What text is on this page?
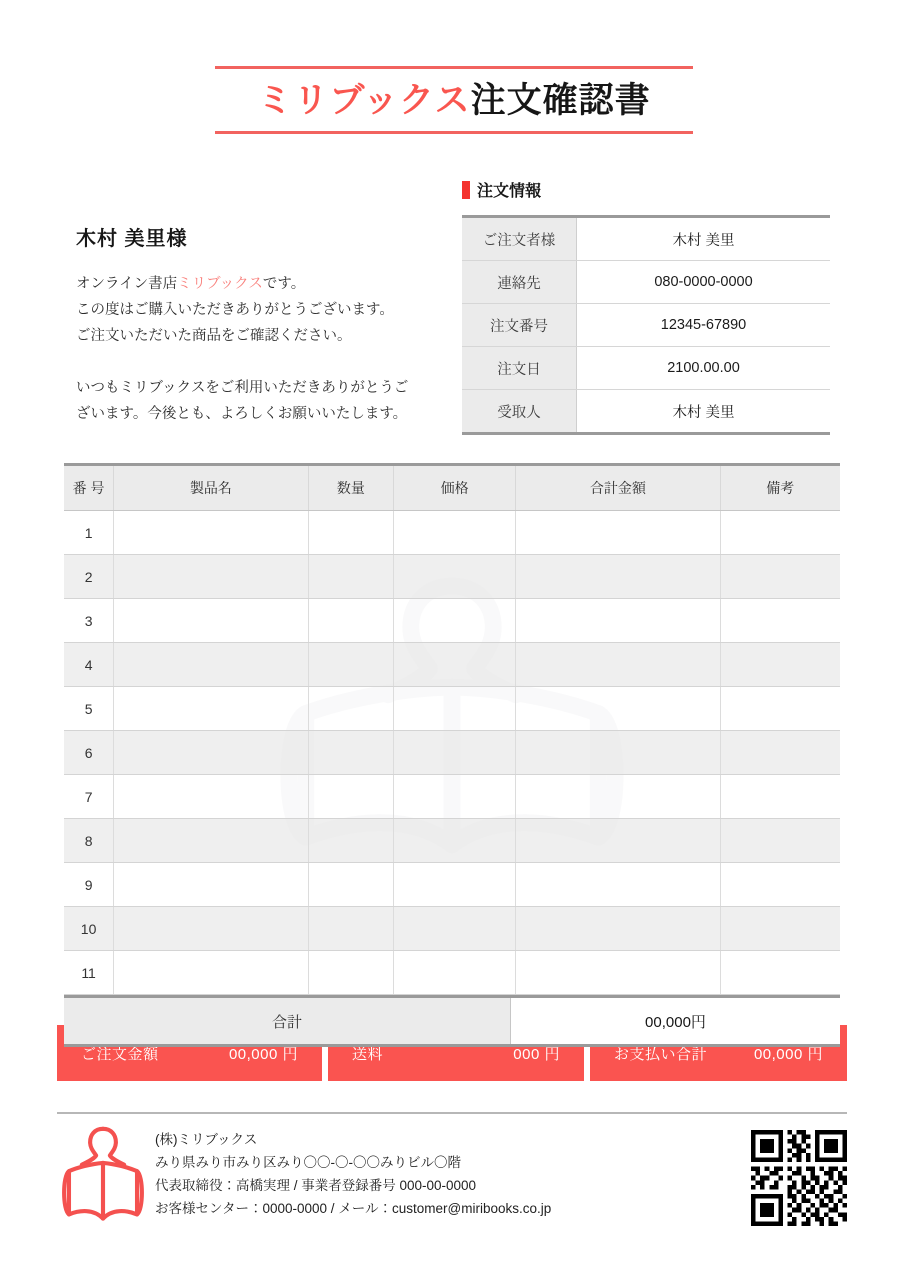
ミリブックス注文確認書
木村 美里様

オンライン書店ミリブックスです。

この度はご購入いただきありがとうございます。

ご注文いただいた商品をご確認ください。

いつもミリブックスをご利用いただきありがとうご

ざいます。今後とも、よろしくお願いいたします。

注文情報
ご注文者様	木村 美里
連絡先	080-0000-0000
注文番号	12345-67890
注文日	2100.00.00
受取人	木村 美里
番 号	製品名	数量	価格	合計金額	備考
1					
2					
3					
4					
5					
6					
7					
8					
9					
10					
11					
合計	00,000円
ご注文金額	00,000 円	送料	000 円	お支払い合計	00,000 円
(株)ミリブックス
みり県みり市みり区みり〇〇-〇-〇〇みりビル〇階
代表取締役：高橋実理 / 事業者登録番号 000-00-0000
お客様センター：0000-0000 / メール：customer@miribooks.co.jp
